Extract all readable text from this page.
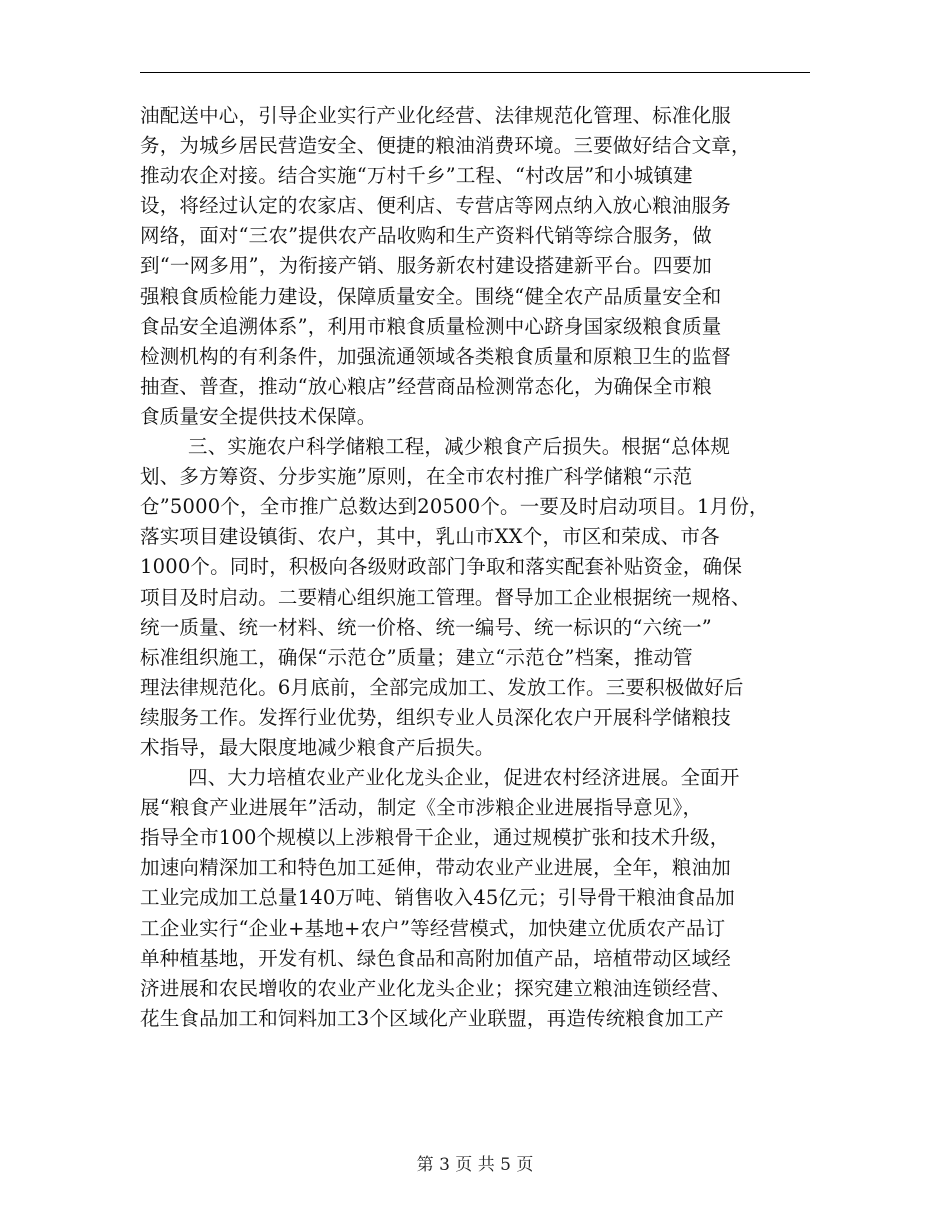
油配送中心，引导企业实行产业化经营、法律规范化管理、标准化服
务，为城乡居民营造安全、便捷的粮油消费环境。三要做好结合文章，
推动农企对接。结合实施“万村千乡”工程、“村改居”和小城镇建
设，将经过认定的农家店、便利店、专营店等网点纳入放心粮油服务
网络，面对“三农”提供农产品收购和生产资料代销等综合服务，做
到“一网多用”，为衔接产销、服务新农村建设搭建新平台。四要加
强粮食质检能力建设，保障质量安全。围绕“健全农产品质量安全和
食品安全追溯体系”，利用市粮食质量检测中心跻身国家级粮食质量
检测机构的有利条件，加强流通领域各类粮食质量和原粮卫生的监督
抽查、普查，推动“放心粮店”经营商品检测常态化，为确保全市粮
食质量安全提供技术保障。
三、实施农户科学储粮工程，减少粮食产后损失。根据“总体规
划、多方筹资、分步实施”原则，在全市农村推广科学储粮“示范
仓”5000个，全市推广总数达到20500个。一要及时启动项目。1月份，
落实项目建设镇街、农户，其中，乳山市XX个，市区和荣成、市各
1000个。同时，积极向各级财政部门争取和落实配套补贴资金，确保
项目及时启动。二要精心组织施工管理。督导加工企业根据统一规格、
统一质量、统一材料、统一价格、统一编号、统一标识的“六统一”
标准组织施工，确保“示范仓”质量；建立“示范仓”档案，推动管
理法律规范化。6月底前，全部完成加工、发放工作。三要积极做好后
续服务工作。发挥行业优势，组织专业人员深化农户开展科学储粮技
术指导，最大限度地减少粮食产后损失。
四、大力培植农业产业化龙头企业，促进农村经济进展。全面开
展“粮食产业进展年”活动，制定《全市涉粮企业进展指导意见》，
指导全市100个规模以上涉粮骨干企业，通过规模扩张和技术升级，
加速向精深加工和特色加工延伸，带动农业产业进展，全年，粮油加
工业完成加工总量140万吨、销售收入45亿元；引导骨干粮油食品加
工企业实行“企业+基地+农户”等经营模式，加快建立优质农产品订
单种植基地，开发有机、绿色食品和高附加值产品，培植带动区域经
济进展和农民增收的农业产业化龙头企业；探究建立粮油连锁经营、
花生食品加工和饲料加工3个区域化产业联盟，再造传统粮食加工产
第 3 页 共 5 页
